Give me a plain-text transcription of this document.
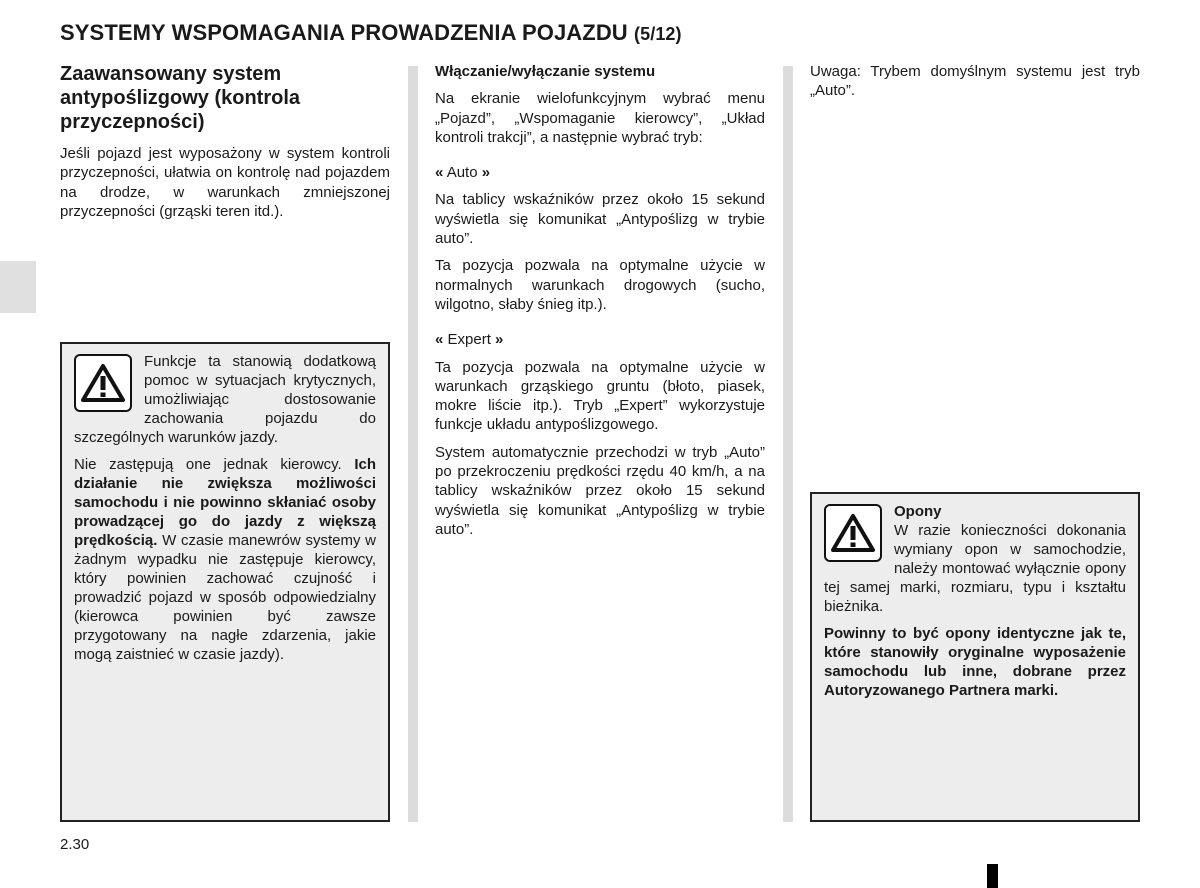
SYSTEMY WSPOMAGANIA PROWADZENIA POJAZDU (5/12)
Zaawansowany system antypoślizgowy (kontrola przyczepności)

Jeśli pojazd jest wyposażony w system kontroli przyczepności, ułatwia on kontrolę nad pojazdem na drodze, w warunkach zmniejszonej przyczepności (grząski teren itd.).

Funkcje ta stanowią dodatkową pomoc w sytuacjach krytycznych, umożliwiając dostosowanie zachowania pojazdu do szczególnych warunków jazdy.

Nie zastępują one jednak kierowcy. Ich działanie nie zwiększa możliwości samochodu i nie powinno skłaniać osoby prowadzącej go do jazdy z większą prędkością. W czasie manewrów systemy w żadnym wypadku nie zastępuje kierowcy, który powinien zachować czujność i prowadzić pojazd w sposób odpowiedzialny (kierowca powinien być zawsze przygotowany na nagłe zdarzenia, jakie mogą zaistnieć w czasie jazdy).

Włączanie/wyłączanie systemu

Na ekranie wielofunkcyjnym wybrać menu „Pojazd”, „Wspomaganie kierowcy”, „Układ kontroli trakcji”, a następnie wybrać tryb:

« Auto »

Na tablicy wskaźników przez około 15 sekund wyświetla się komunikat „Antypoślizg w trybie auto”.

Ta pozycja pozwala na optymalne użycie w normalnych warunkach drogowych (sucho, wilgotno, słaby śnieg itp.).

« Expert »

Ta pozycja pozwala na optymalne użycie w warunkach grząskiego gruntu (błoto, piasek, mokre liście itp.). Tryb „Expert” wykorzystuje funkcje układu antypoślizgowego.

System automatycznie przechodzi w tryb „Auto” po przekroczeniu prędkości rzędu 40 km/h, a na tablicy wskaźników przez około 15 sekund wyświetla się komunikat „Antypoślizg w trybie auto”.

Uwaga: Trybem domyślnym systemu jest tryb „Auto”.

Opony

W razie konieczności dokonania wymiany opon w samochodzie, należy montować wyłącznie opony tej samej marki, rozmiaru, typu i kształtu bieżnika.

Powinny to być opony identyczne jak te, które stanowiły oryginalne wyposażenie samochodu lub inne, dobrane przez Autoryzowanego Partnera marki.

2.30
